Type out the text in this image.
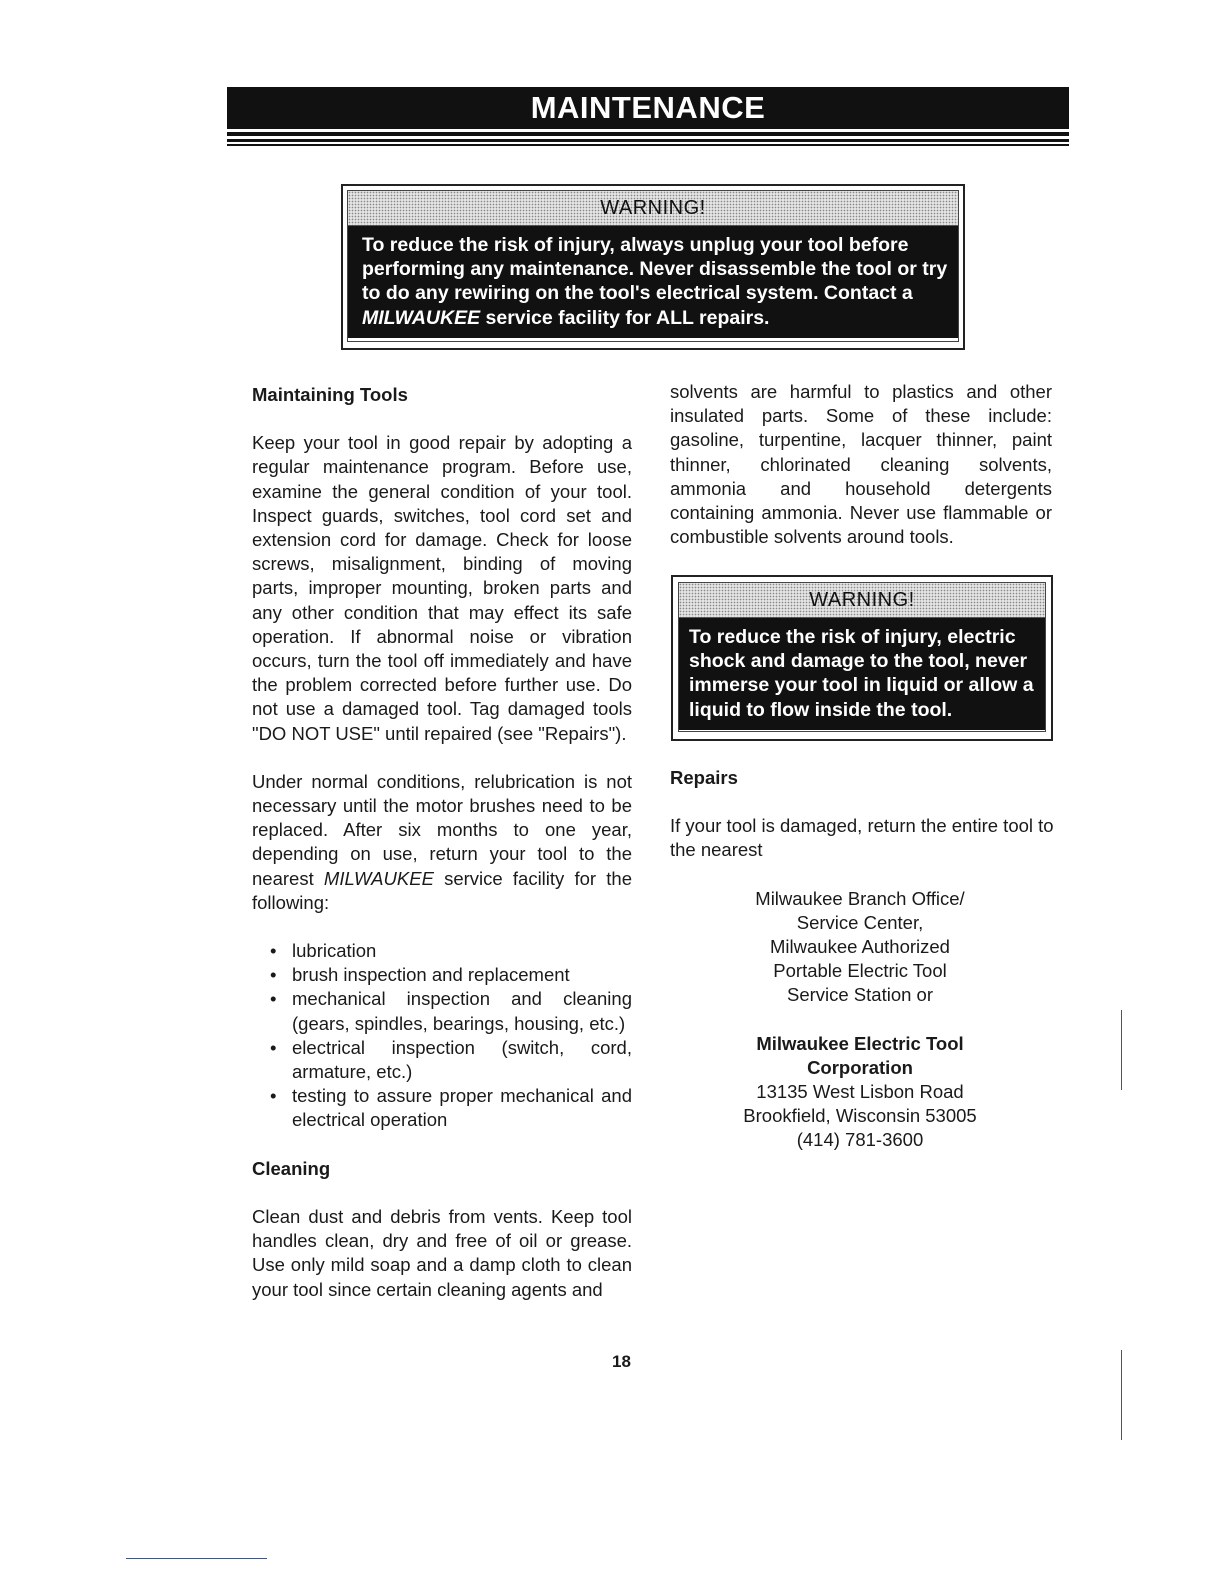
MAINTENANCE
WARNING!
To reduce the risk of injury, always unplug your tool before performing any maintenance. Never disassemble the tool or try to do any rewiring on the tool's electrical system. Contact a MILWAUKEE service facility for ALL repairs.
Maintaining Tools

Keep your tool in good repair by adopting a regular maintenance program. Before use, examine the general condition of your tool. Inspect guards, switches, tool cord set and extension cord for damage. Check for loose screws, misalignment, binding of moving parts, improper mounting, broken parts and any other condition that may effect its safe operation. If abnormal noise or vibration occurs, turn the tool off immediately and have the problem corrected before further use. Do not use a damaged tool. Tag damaged tools "DO NOT USE" until repaired (see "Repairs").

Under normal conditions, relubrication is not necessary until the motor brushes need to be replaced. After six months to one year, depending on use, return your tool to the nearest MILWAUKEE service facility for the following:

• lubrication
• brush inspection and replacement
• mechanical inspection and cleaning (gears, spindles, bearings, housing, etc.)
• electrical inspection (switch, cord, armature, etc.)
• testing to assure proper mechanical and electrical operation
Cleaning

Clean dust and debris from vents. Keep tool handles clean, dry and free of oil or grease. Use only mild soap and a damp cloth to clean your tool since certain cleaning agents and

solvents are harmful to plastics and other insulated parts. Some of these include: gasoline, turpentine, lacquer thinner, paint thinner, chlorinated cleaning solvents, ammonia and household detergents containing ammonia. Never use flammable or combustible solvents around tools.

WARNING!
To reduce the risk of injury, electric shock and damage to the tool, never immerse your tool in liquid or allow a liquid to flow inside the tool.
Repairs

If your tool is damaged, return the entire tool to the nearest

Milwaukee Branch Office/
Service Center,
Milwaukee Authorized
Portable Electric Tool
Service Station or
Milwaukee Electric Tool
Corporation
13135 West Lisbon Road
Brookfield, Wisconsin 53005
(414) 781-3600
18
